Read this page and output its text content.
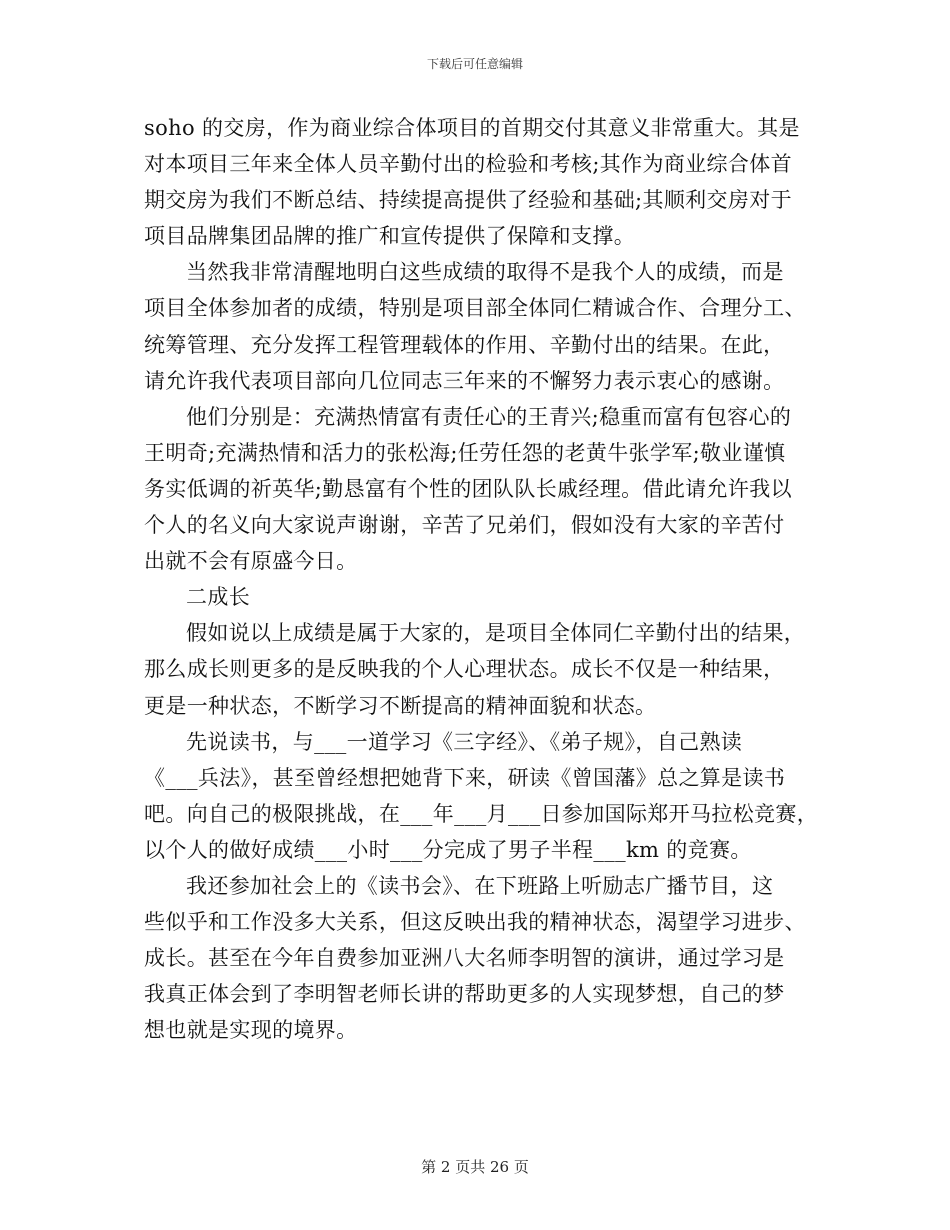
下载后可任意编辑
soho 的交房，作为商业综合体项目的首期交付其意义非常重大。其是
对本项目三年来全体人员辛勤付出的检验和考核;其作为商业综合体首
期交房为我们不断总结、持续提高提供了经验和基础;其顺利交房对于
项目品牌集团品牌的推广和宣传提供了保障和支撑。
当然我非常清醒地明白这些成绩的取得不是我个人的成绩，而是
项目全体参加者的成绩，特别是项目部全体同仁精诚合作、合理分工、
统筹管理、充分发挥工程管理载体的作用、辛勤付出的结果。在此，
请允许我代表项目部向几位同志三年来的不懈努力表示衷心的感谢。
他们分别是：充满热情富有责任心的王青兴;稳重而富有包容心的
王明奇;充满热情和活力的张松海;任劳任怨的老黄牛张学军;敬业谨慎
务实低调的祈英华;勤恳富有个性的团队队长戚经理。借此请允许我以
个人的名义向大家说声谢谢，辛苦了兄弟们，假如没有大家的辛苦付
出就不会有原盛今日。
二成长
假如说以上成绩是属于大家的，是项目全体同仁辛勤付出的结果，
那么成长则更多的是反映我的个人心理状态。成长不仅是一种结果，
更是一种状态，不断学习不断提高的精神面貌和状态。
先说读书，与___一道学习《三字经》、《弟子规》，自己熟读
《___兵法》，甚至曾经想把她背下来，研读《曾国藩》总之算是读书
吧。向自己的极限挑战，在___年___月___日参加国际郑开马拉松竞赛，
以个人的做好成绩___小时___分完成了男子半程___km 的竞赛。
我还参加社会上的《读书会》、在下班路上听励志广播节目，这
些似乎和工作没多大关系，但这反映出我的精神状态，渴望学习进步、
成长。甚至在今年自费参加亚洲八大名师李明智的演讲，通过学习是
我真正体会到了李明智老师长讲的帮助更多的人实现梦想，自己的梦
想也就是实现的境界。
第 2 页共 26 页
